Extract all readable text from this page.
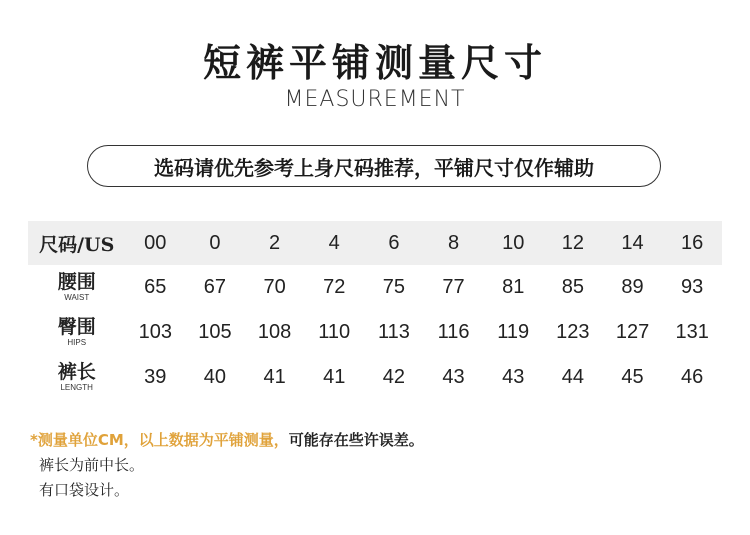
短裤平铺测量尺寸
MEASUREMENT
选码请优先参考上身尺码推荐，平铺尺寸仅作辅助
尺码/US	00	0	2	4	6	8	10	12	14	16
腰围
WAIST	65	67	70	72	75	77	81	85	89	93
臀围
HIPS	103	105	108	110	113	116	119	123	127	131
裤长
LENGTH	39	40	41	41	42	43	43	44	45	46
*测量单位CM，以上数据为平铺测量，可能存在些许误差。
裤长为前中长。
有口袋设计。
